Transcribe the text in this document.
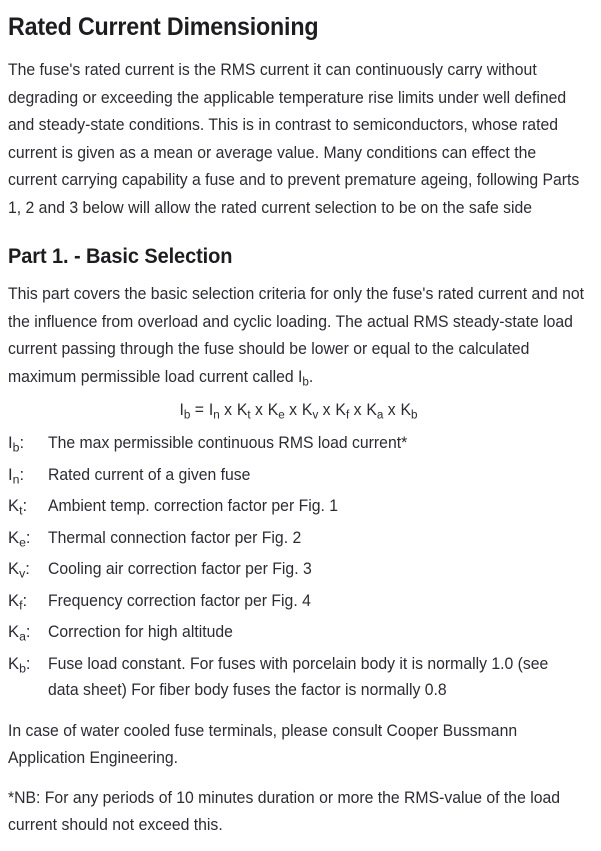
Rated Current Dimensioning

The fuse's rated current is the RMS current it can continuously carry without degrading or exceeding the applicable temperature rise limits under well defined and steady-state conditions. This is in contrast to semiconductors, whose rated current is given as a mean or average value. Many conditions can effect the current carrying capability a fuse and to prevent premature ageing, following Parts 1, 2 and 3 below will allow the rated current selection to be on the safe side

Part 1. - Basic Selection

This part covers the basic selection criteria for only the fuse's rated current and not the influence from overload and cyclic loading. The actual RMS steady-state load current passing through the fuse should be lower or equal to the calculated maximum permissible load current called $I_b$.

$I_b = I_n$ x $K_t$ x $K_e$ x $K_v$ x $K_f$ x $K_a$ x $K_b$
$I_b$:	The max permissible continuous RMS load current*
$I_n$:	Rated current of a given fuse
$K_t$:	Ambient temp. correction factor per Fig. 1
$K_e$:	Thermal connection factor per Fig. 2
$K_v$:	Cooling air correction factor per Fig. 3
$K_f$:	Frequency correction factor per Fig. 4
$K_a$:	Correction for high altitude
$K_b$:	Fuse load constant. For fuses with porcelain body it is normally 1.0 (see data sheet) For fiber body fuses the factor is normally 0.8

In case of water cooled fuse terminals, please consult Cooper Bussmann Application Engineering.

*NB: For any periods of 10 minutes duration or more the RMS-value of the load current should not exceed this.
